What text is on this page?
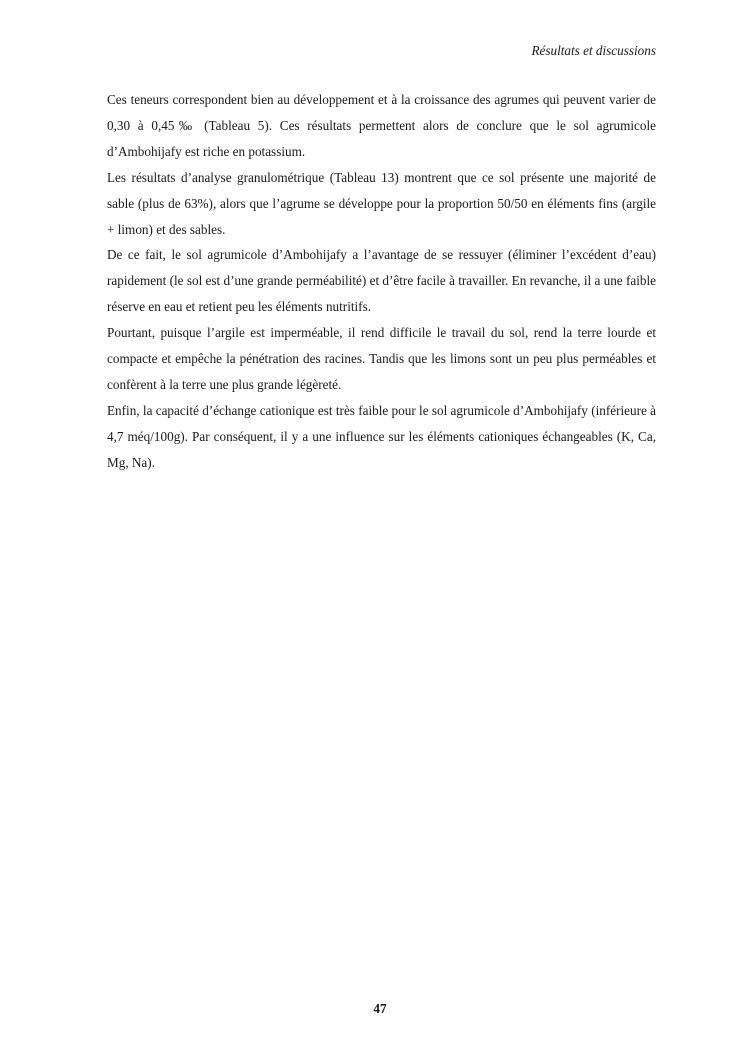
Résultats et discussions

Ces teneurs correspondent bien au développement et à la croissance des agrumes qui peuvent varier de 0,30 à 0,45‰ (Tableau 5). Ces résultats permettent alors de conclure que le sol agrumicole d’Ambohijafy est riche en potassium.

Les résultats d’analyse granulométrique (Tableau 13) montrent que ce sol présente une majorité de sable (plus de 63%), alors que l’agrume se développe pour la proportion 50/50 en éléments fins (argile + limon) et des sables.

De ce fait, le sol agrumicole d’Ambohijafy a l’avantage de se ressuyer (éliminer l’excédent d’eau) rapidement (le sol est d’une grande perméabilité) et d’être facile à travailler. En revanche, il a une faible réserve en eau et retient peu les éléments nutritifs.

Pourtant, puisque l’argile est imperméable, il rend difficile le travail du sol, rend la terre lourde et compacte et empêche la pénétration des racines. Tandis que les limons sont un peu plus perméables et confèrent à la terre une plus grande légèreté.

Enfin, la capacité d’échange cationique est très faible pour le sol agrumicole d’Ambohijafy (inférieure à 4,7 méq/100g). Par conséquent, il y a une influence sur les éléments cationiques échangeables (K, Ca, Mg, Na).

47
